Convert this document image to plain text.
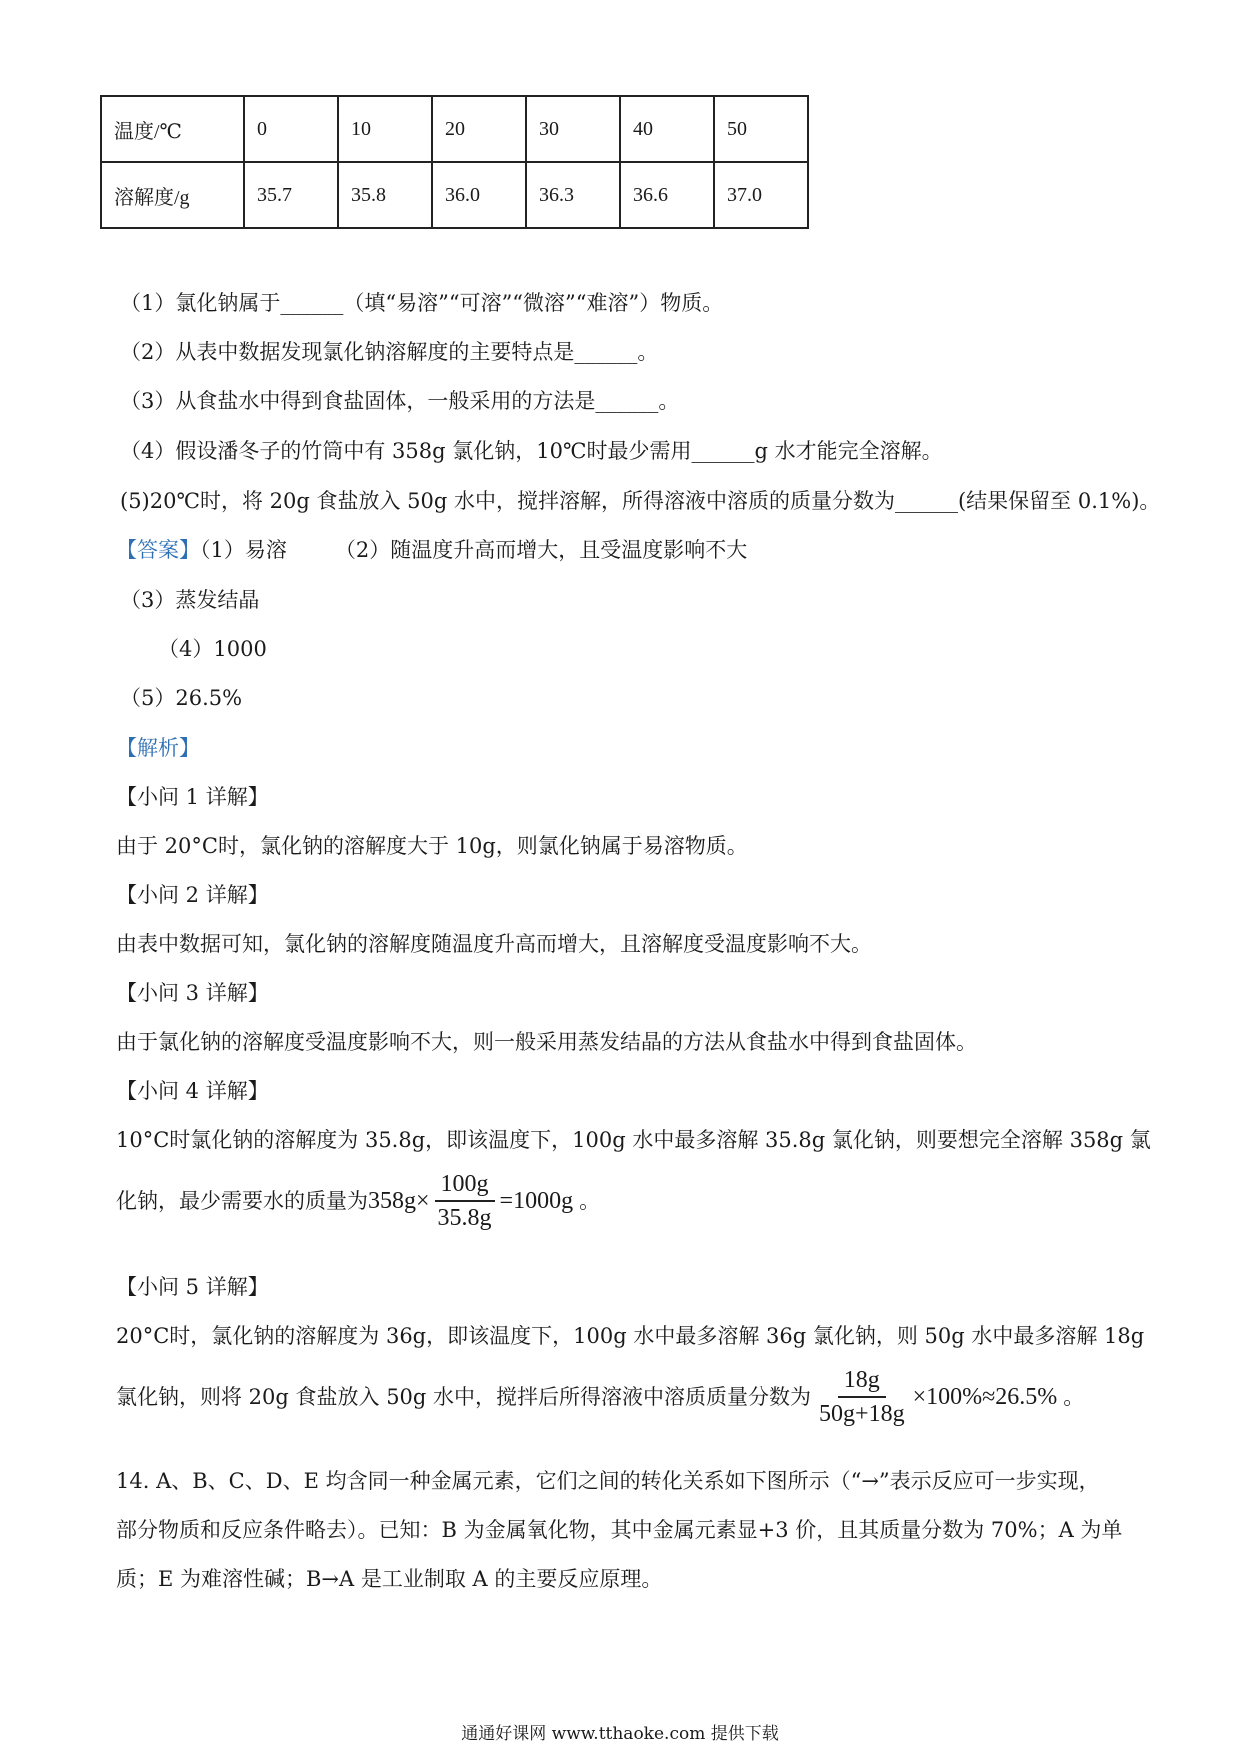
温度/℃	0	10	20	30	40	50
溶解度/g	35.7	35.8	36.0	36.3	36.6	37.0
（1）氯化钠属于______（填“易溶”“可溶”“微溶”“难溶”）物质。
（2）从表中数据发现氯化钠溶解度的主要特点是______。
（3）从食盐水中得到食盐固体，一般采用的方法是______。
（4）假设潘冬子的竹筒中有 358g 氯化钠，10℃时最少需用______g 水才能完全溶解。
(5)20℃时，将 20g 食盐放入 50g 水中，搅拌溶解，所得溶液中溶质的质量分数为______(结果保留至 0.1%)。
【答案】（1）易溶 （2）随温度升高而增大，且受温度影响不大
（3）蒸发结晶
（4）1000
（5）26.5%
【解析】
【小问 1 详解】
由于 20°C时，氯化钠的溶解度大于 10g，则氯化钠属于易溶物质。
【小问 2 详解】
由表中数据可知，氯化钠的溶解度随温度升高而增大，且溶解度受温度影响不大。
【小问 3 详解】
由于氯化钠的溶解度受温度影响不大，则一般采用蒸发结晶的方法从食盐水中得到食盐固体。
【小问 4 详解】
10°C时氯化钠的溶解度为 35.8g，即该温度下，100g 水中最多溶解 35.8g 氯化钠，则要想完全溶解 358g 氯
化钠，最少需要水的质量为 $358g\times \frac{100g}{35.8g} =1000g$ 。
【小问 5 详解】
20°C时，氯化钠的溶解度为 36g，即该温度下，100g 水中最多溶解 36g 氯化钠，则 50g 水中最多溶解 18g
氯化钠，则将 20g 食盐放入 50g 水中，搅拌后所得溶液中溶质质量分数为 $\frac{18g}{50g+18g} \times 100\%\approx 26.5\%$ 。
14. A、B、C、D、E 均含同一种金属元素，它们之间的转化关系如下图所示（“→”表示反应可一步实现，
部分物质和反应条件略去）。已知：B 为金属氧化物，其中金属元素显+3 价，且其质量分数为 70%；A 为单
质；E 为难溶性碱；B→A 是工业制取 A 的主要反应原理。
通通好课网 www.tthaoke.com 提供下载
